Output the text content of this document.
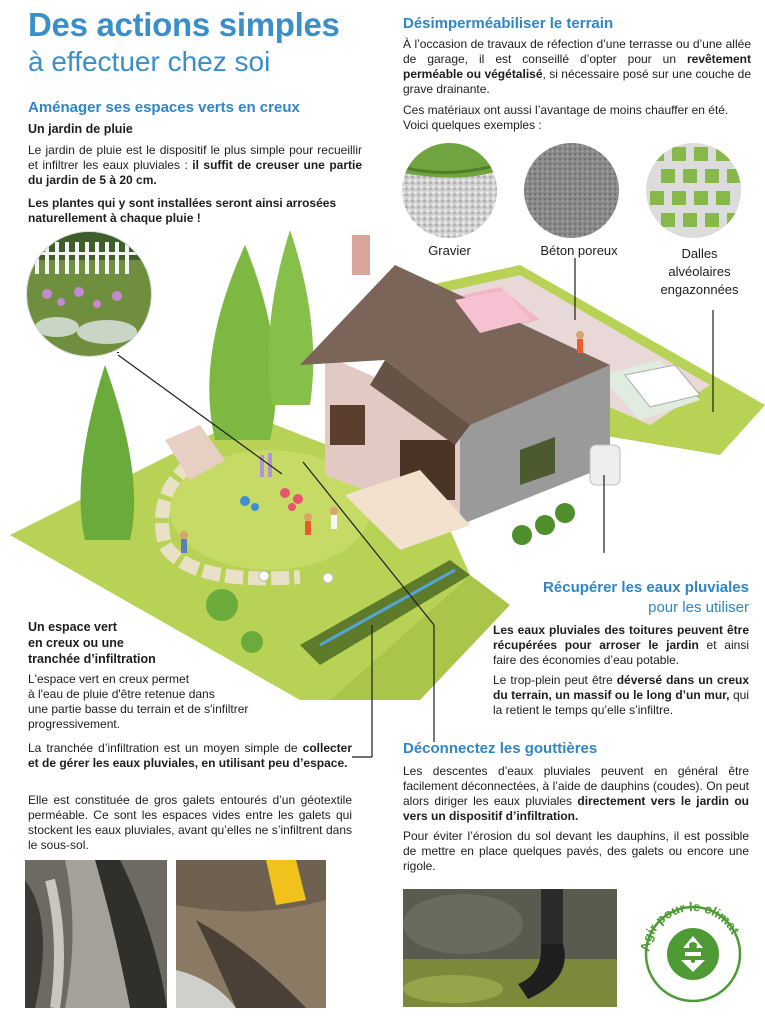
Des actions simples
à effectuer chez soi
Aménager ses espaces verts en creux
Un jardin de pluie
Le jardin de pluie est le dispositif le plus simple pour recueillir et infiltrer les eaux pluviales : il suffit de creuser une partie du jardin de 5 à 20 cm.
Les plantes qui y sont installées seront ainsi arrosées naturellement à chaque pluie !
Désimperméabiliser le terrain
À l’occasion de travaux de réfection d’une terrasse ou d’une allée de garage, il est conseillé d’opter pour un revêtement perméable ou végétalisé, si nécessaire posé sur une couche de grave drainante.
Ces matériaux ont aussi l’avantage de moins chauffer en été. Voici quelques exemples :
Gravier	Béton poreux	Dalles alvéolaires engazonnées
Un espace vert
en creux ou une
tranchée d’infiltration
L'espace vert en creux permet
à l'eau de pluie d'être retenue dans
une partie basse du terrain et de s'infiltrer
progressivement.
La tranchée d’infiltration est un moyen simple de collecter et de gérer les eaux pluviales, en utilisant peu d’espace.
Elle est constituée de gros galets entourés d’un géotextile perméable. Ce sont les espaces vides entre les galets qui stockent les eaux pluviales, avant qu’elles ne s’infiltrent dans le sous-sol.
Récupérer les eaux pluviales
pour les utiliser
Les eaux pluviales des toitures peuvent être récupérées pour arroser le jardin et ainsi faire des économies d’eau potable.
Le trop-plein peut être déversé dans un creux du terrain, un massif ou le long d’un mur, qui la retient le temps qu’elle s’infiltre.
Déconnectez les gouttières
Les descentes d’eaux pluviales peuvent en général être facilement déconnectées, à l’aide de dauphins (coudes). On peut alors diriger les eaux pluviales directement vers le jardin ou vers un dispositif d’infiltration.
Pour éviter l’érosion du sol devant les dauphins, il est possible de mettre en place quelques pavés, des galets ou encore une rigole.
Agir pour le climat
